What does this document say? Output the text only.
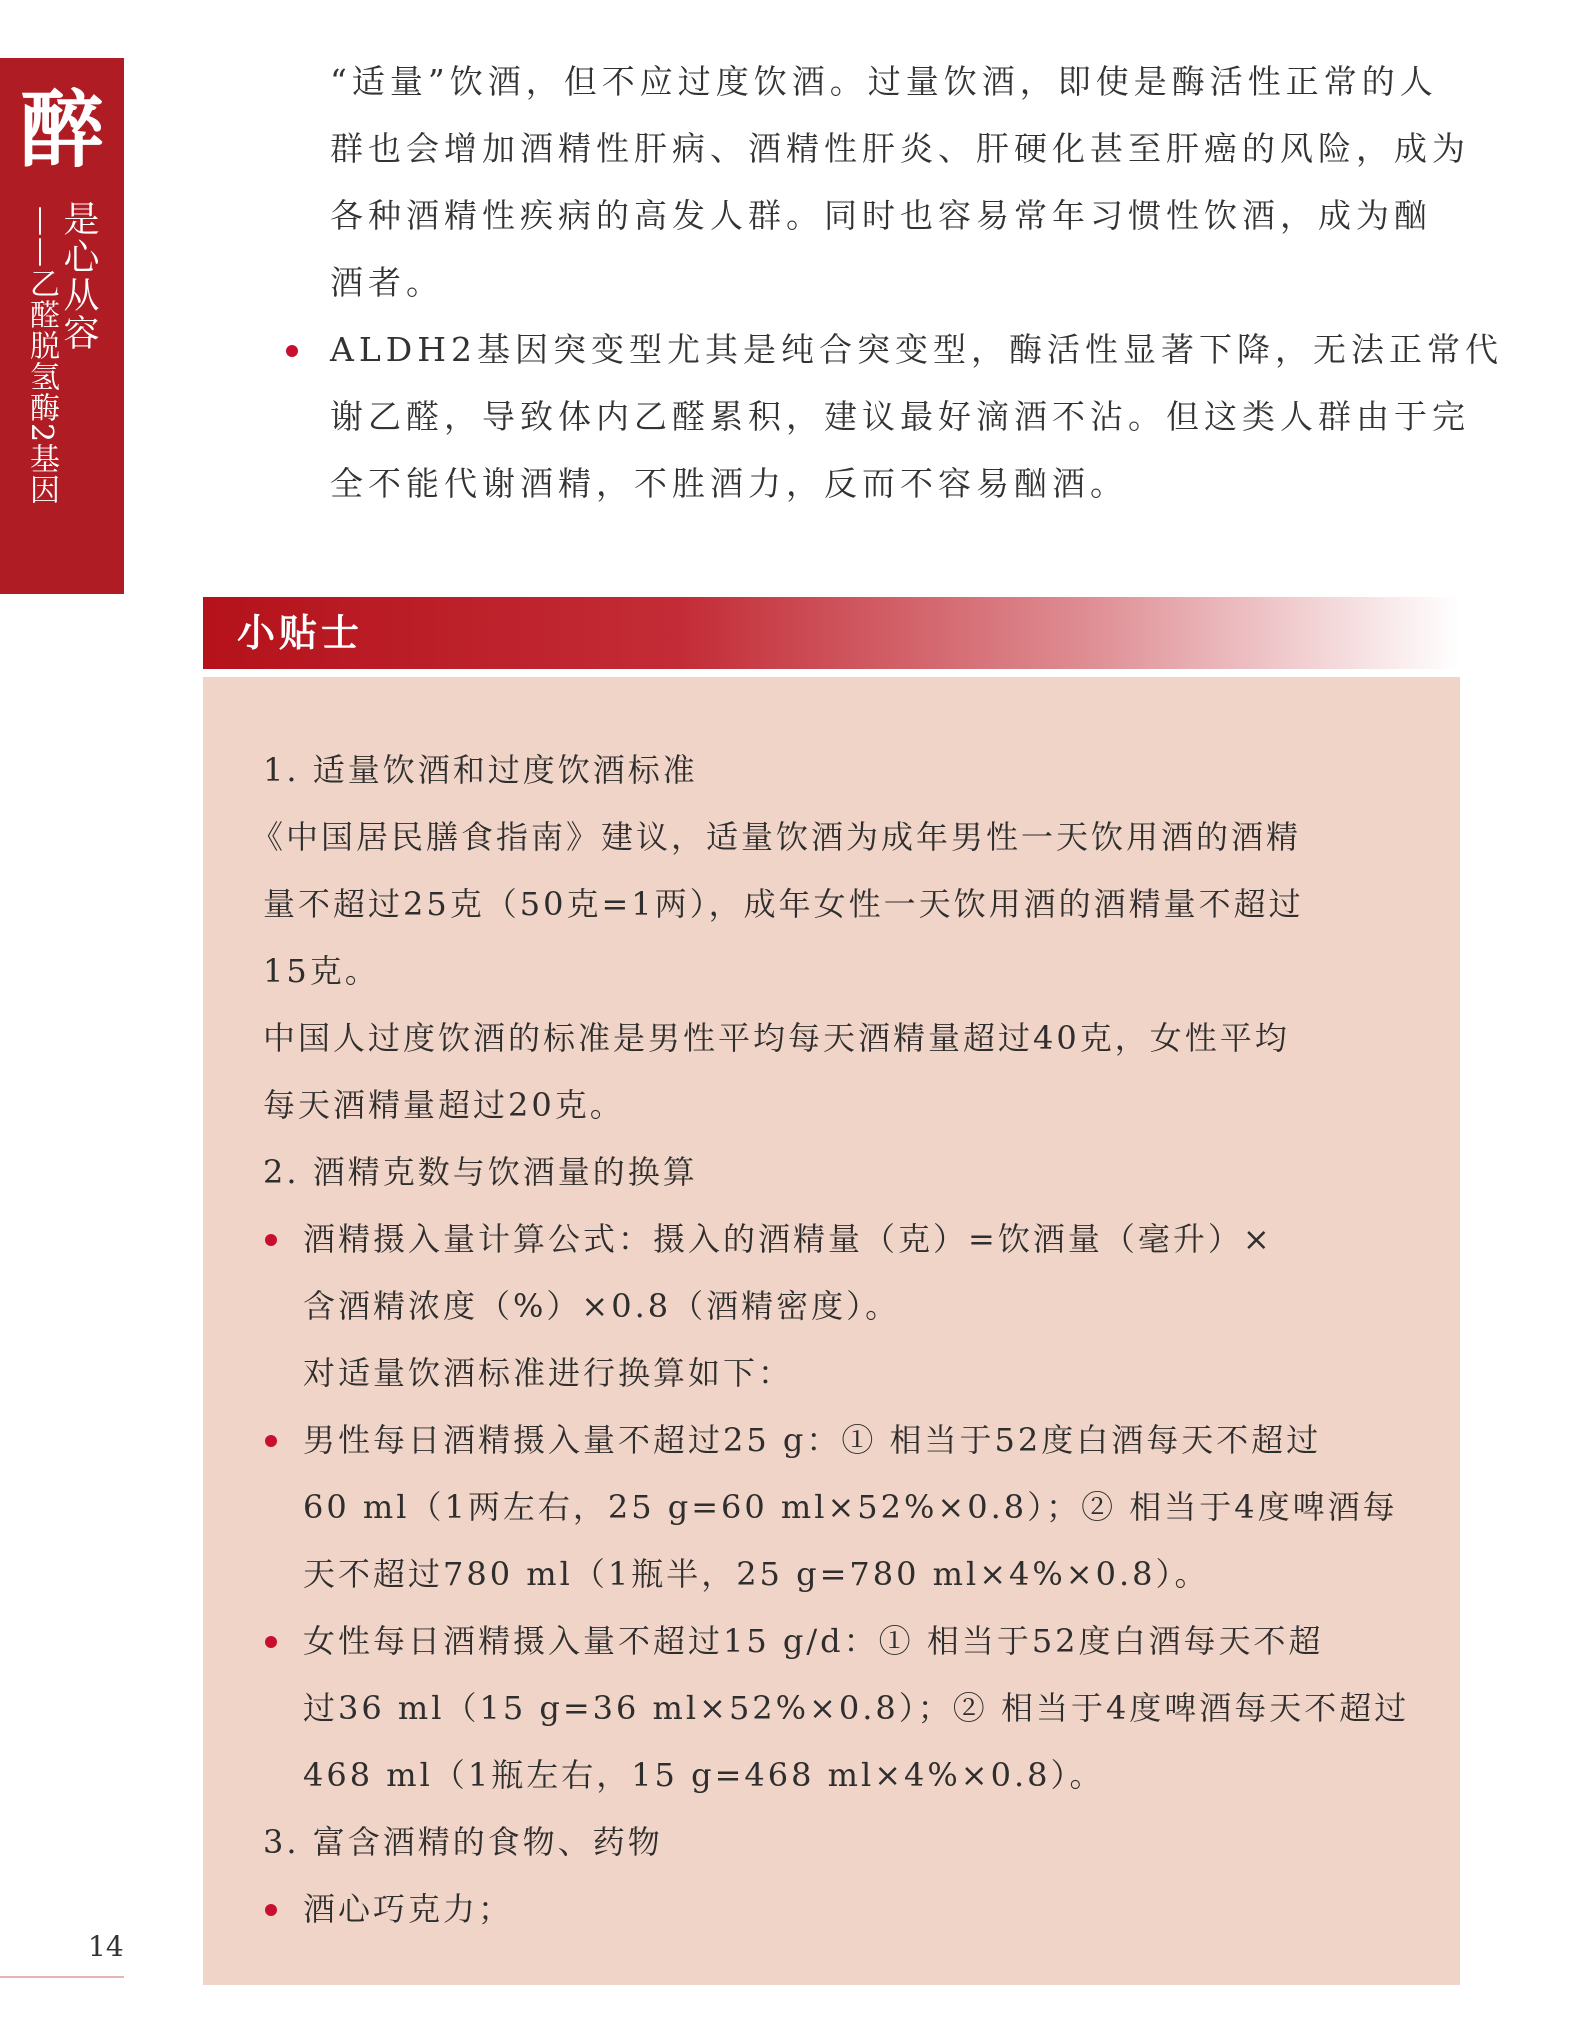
醉
是心从容
——乙醛脱氢酶2基因
“适量”饮酒，但不应过度饮酒。过量饮酒，即使是酶活性正常的人
群也会增加酒精性肝病、酒精性肝炎、肝硬化甚至肝癌的风险，成为
各种酒精性疾病的高发人群。同时也容易常年习惯性饮酒，成为酗
酒者。
ALDH2基因突变型尤其是纯合突变型，酶活性显著下降，无法正常代
谢乙醛，导致体内乙醛累积，建议最好滴酒不沾。但这类人群由于完
全不能代谢酒精，不胜酒力，反而不容易酗酒。
小贴士
1. 适量饮酒和过度饮酒标准
《中国居民膳食指南》建议，适量饮酒为成年男性一天饮用酒的酒精
量不超过25克（50克=1两），成年女性一天饮用酒的酒精量不超过
15克。
中国人过度饮酒的标准是男性平均每天酒精量超过40克，女性平均
每天酒精量超过20克。
2. 酒精克数与饮酒量的换算
酒精摄入量计算公式：摄入的酒精量（克）=饮酒量（毫升）×
含酒精浓度（%）×0.8（酒精密度）。
对适量饮酒标准进行换算如下：
男性每日酒精摄入量不超过25 g：① 相当于52度白酒每天不超过
60 ml（1两左右，25 g=60 ml×52%×0.8）；② 相当于4度啤酒每
天不超过780 ml（1瓶半，25 g=780 ml×4%×0.8）。
女性每日酒精摄入量不超过15 g/d：① 相当于52度白酒每天不超
过36 ml（15 g=36 ml×52%×0.8）；② 相当于4度啤酒每天不超过
468 ml（1瓶左右，15 g=468 ml×4%×0.8）。
3. 富含酒精的食物、药物
酒心巧克力；
14
